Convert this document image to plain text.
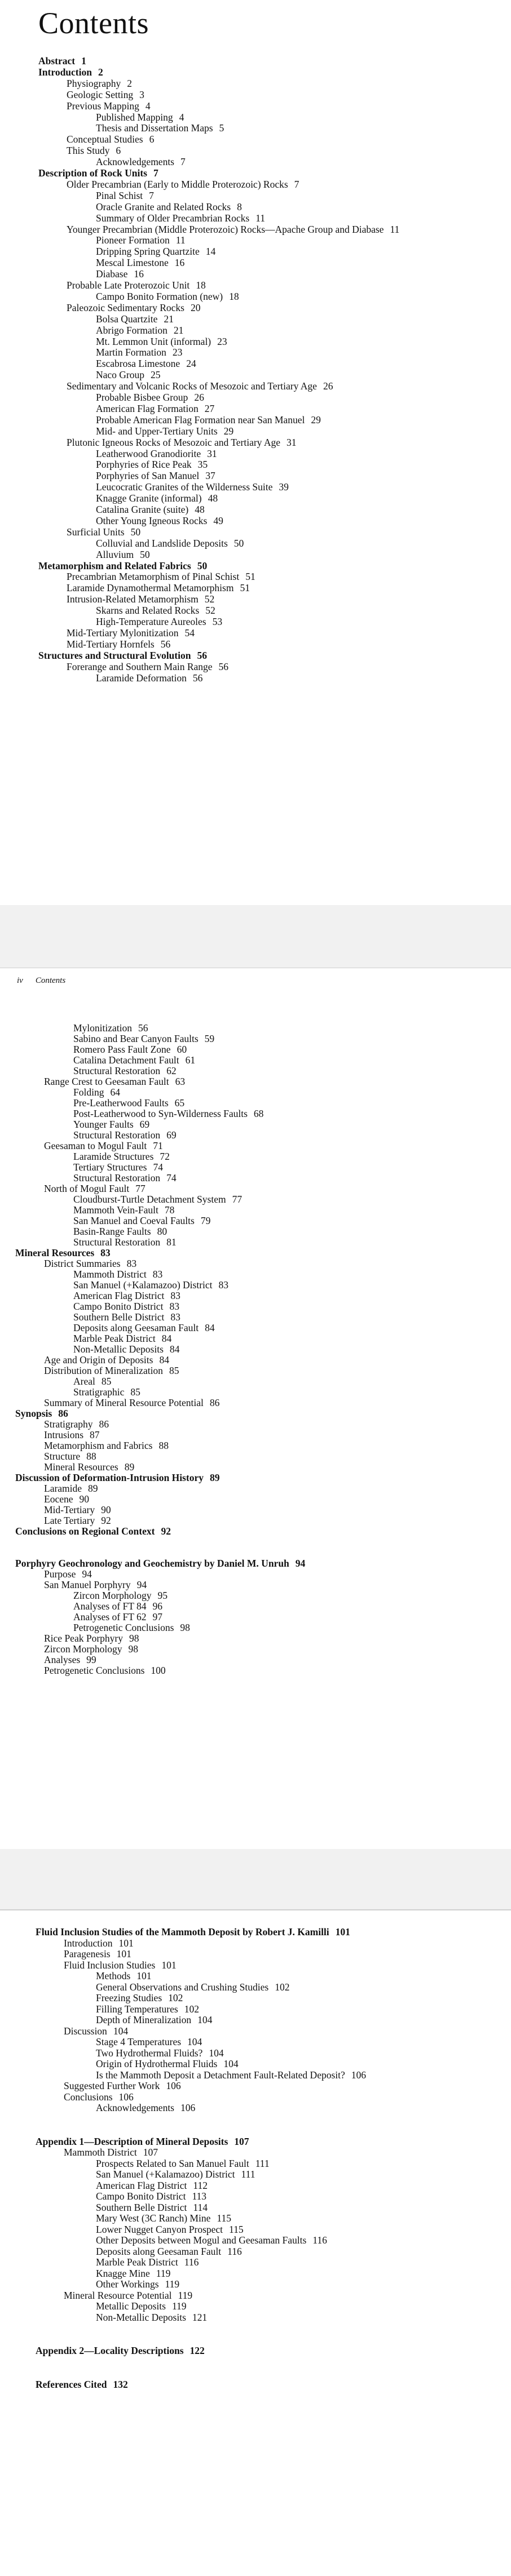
Contents
Abstract 1
Introduction 2
Physiography 2
Geologic Setting 3
Previous Mapping 4
Published Mapping 4
Thesis and Dissertation Maps 5
Conceptual Studies 6
This Study 6
Acknowledgements 7
Description of Rock Units 7
Older Precambrian (Early to Middle Proterozoic) Rocks 7
Pinal Schist 7
Oracle Granite and Related Rocks 8
Summary of Older Precambrian Rocks 11
Younger Precambrian (Middle Proterozoic) Rocks—Apache Group and Diabase 11
Pioneer Formation 11
Dripping Spring Quartzite 14
Mescal Limestone 16
Diabase 16
Probable Late Proterozoic Unit 18
Campo Bonito Formation (new) 18
Paleozoic Sedimentary Rocks 20
Bolsa Quartzite 21
Abrigo Formation 21
Mt. Lemmon Unit (informal) 23
Martin Formation 23
Escabrosa Limestone 24
Naco Group 25
Sedimentary and Volcanic Rocks of Mesozoic and Tertiary Age 26
Probable Bisbee Group 26
American Flag Formation 27
Probable American Flag Formation near San Manuel 29
Mid- and Upper-Tertiary Units 29
Plutonic Igneous Rocks of Mesozoic and Tertiary Age 31
Leatherwood Granodiorite 31
Porphyries of Rice Peak 35
Porphyries of San Manuel 37
Leucocratic Granites of the Wilderness Suite 39
Knagge Granite (informal) 48
Catalina Granite (suite) 48
Other Young Igneous Rocks 49
Surficial Units 50
Colluvial and Landslide Deposits 50
Alluvium 50
Metamorphism and Related Fabrics 50
Precambrian Metamorphism of Pinal Schist 51
Laramide Dynamothermal Metamorphism 51
Intrusion-Related Metamorphism 52
Skarns and Related Rocks 52
High-Temperature Aureoles 53
Mid-Tertiary Mylonitization 54
Mid-Tertiary Hornfels 56
Structures and Structural Evolution 56
Forerange and Southern Main Range 56
Laramide Deformation 56
iv Contents
Mylonitization 56
Sabino and Bear Canyon Faults 59
Romero Pass Fault Zone 60
Catalina Detachment Fault 61
Structural Restoration 62
Range Crest to Geesaman Fault 63
Folding 64
Pre-Leatherwood Faults 65
Post-Leatherwood to Syn-Wilderness Faults 68
Younger Faults 69
Structural Restoration 69
Geesaman to Mogul Fault 71
Laramide Structures 72
Tertiary Structures 74
Structural Restoration 74
North of Mogul Fault 77
Cloudburst-Turtle Detachment System 77
Mammoth Vein-Fault 78
San Manuel and Coeval Faults 79
Basin-Range Faults 80
Structural Restoration 81
Mineral Resources 83
District Summaries 83
Mammoth District 83
San Manuel (+Kalamazoo) District 83
American Flag District 83
Campo Bonito District 83
Southern Belle District 83
Deposits along Geesaman Fault 84
Marble Peak District 84
Non-Metallic Deposits 84
Age and Origin of Deposits 84
Distribution of Mineralization 85
Areal 85
Stratigraphic 85
Summary of Mineral Resource Potential 86
Synopsis 86
Stratigraphy 86
Intrusions 87
Metamorphism and Fabrics 88
Structure 88
Mineral Resources 89
Discussion of Deformation-Intrusion History 89
Laramide 89
Eocene 90
Mid-Tertiary 90
Late Tertiary 92
Conclusions on Regional Context 92
Porphyry Geochronology and Geochemistry by Daniel M. Unruh 94
Purpose 94
San Manuel Porphyry 94
Zircon Morphology 95
Analyses of FT 84 96
Analyses of FT 62 97
Petrogenetic Conclusions 98
Rice Peak Porphyry 98
Zircon Morphology 98
Analyses 99
Petrogenetic Conclusions 100
Fluid Inclusion Studies of the Mammoth Deposit by Robert J. Kamilli 101
Introduction 101
Paragenesis 101
Fluid Inclusion Studies 101
Methods 101
General Observations and Crushing Studies 102
Freezing Studies 102
Filling Temperatures 102
Depth of Mineralization 104
Discussion 104
Stage 4 Temperatures 104
Two Hydrothermal Fluids? 104
Origin of Hydrothermal Fluids 104
Is the Mammoth Deposit a Detachment Fault-Related Deposit? 106
Suggested Further Work 106
Conclusions 106
Acknowledgements 106
Appendix 1—Description of Mineral Deposits 107
Mammoth District 107
Prospects Related to San Manuel Fault 111
San Manuel (+Kalamazoo) District 111
American Flag District 112
Campo Bonito District 113
Southern Belle District 114
Mary West (3C Ranch) Mine 115
Lower Nugget Canyon Prospect 115
Other Deposits between Mogul and Geesaman Faults 116
Deposits along Geesaman Fault 116
Marble Peak District 116
Knagge Mine 119
Other Workings 119
Mineral Resource Potential 119
Metallic Deposits 119
Non-Metallic Deposits 121
Appendix 2—Locality Descriptions 122
References Cited 132
